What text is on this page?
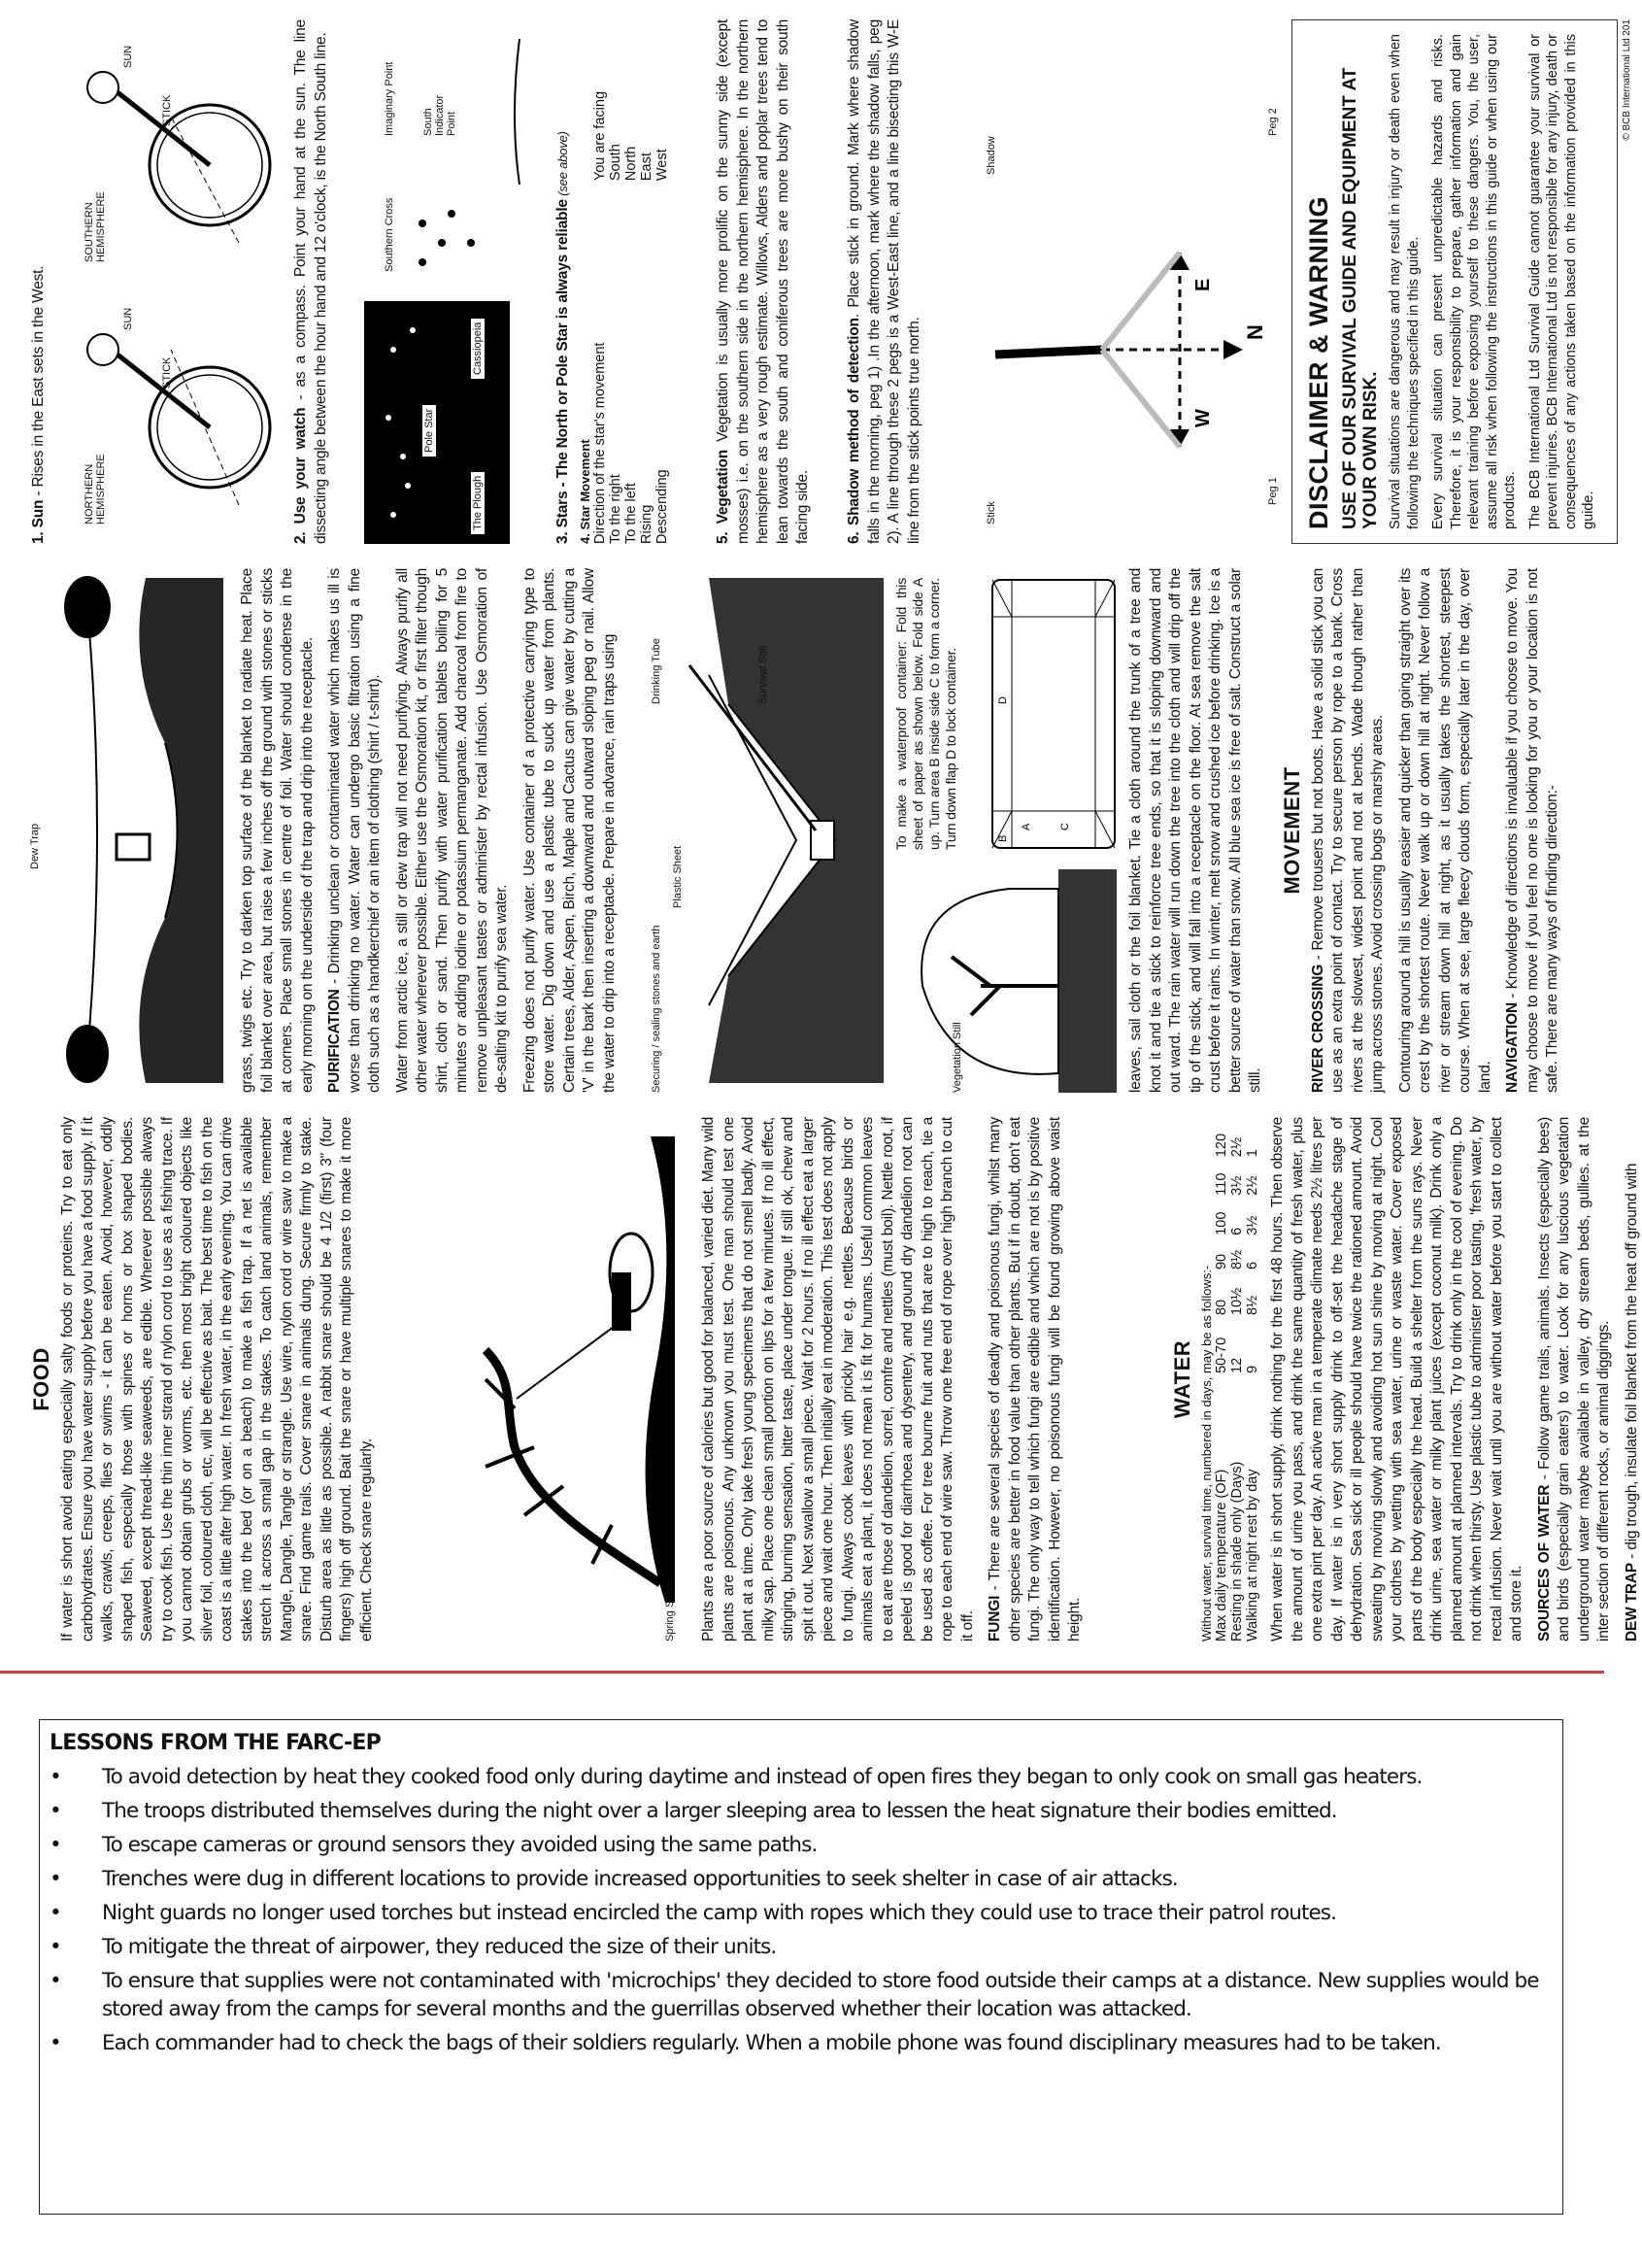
FOOD If water is short avoid eating especially salty foods or proteins. Try to eat only carbohydrates. Ensure you have water supply before you have a food supply. If it walks, crawls, creeps, flies or swims - it can be eaten. Avoid, however, oddly shaped fish, especially those with spines or horns or box shaped bodies. Seaweed, except thread-like seaweeds, are edible. Wherever possible always try to cook fish. Use the thin inner strand of nylon cord to use as a fishing trace. If you cannot obtain grubs or worms, etc. then most bright coloured objects like silver foil, coloured cloth, etc, will be effective as bait. The best time to fish on the coast is a little after high water. In fresh water, in the early evening. You can drive stakes into the bed (or on a beach) to make a fish trap. If a net is available stretch it across a small gap in the stakes. To catch land animals, remember Mangle, Dangle, Tangle or strangle. Use wire, nylon cord or wire saw to make a snare. Find game trails. Cover snare in animals dung. Secure firmly to stake. Disturb area as little as possible. A rabbit snare should be 4 1/2 (first) 3" (four fingers) high off ground. Bait the snare or have multiple snares to make it more efficient. Check snare regularly.	Spring Snare Plants are a poor source of calories but good for balanced, varied diet. Many wild plants are poisonous. Any unknown you must test. One man should test one plant at a time. Only take fresh young specimens that do not smell badly. Avoid milky sap. Place one clean small portion on lips for a few minutes. If no ill effect, stinging, burning sensation, bitter taste, place under tongue. If still ok, chew and spit it out. Next swallow a small piece. Wait for 2 hours. If no ill effect eat a larger piece and wait one hour. Then initially eat in moderation. This test does not apply to fungi. Always cook leaves with prickly hair e.g. nettles. Because birds or animals eat a plant, it does not mean it is fit for humans. Useful common leaves to eat are those of dandelion, sorrel, comfre and nettles (must boil). Nettle root, if peeled is good for diarrhoea and dysentery, and ground dry dandelion root can be used as coffee. For tree bourne fruit and nuts that are to high to reach, tie a rope to each end of wire saw. Throw one free end of rope over high branch to cut it off. FUNGI - There are several species of deadly and poisonous fungi, whilst many other species are better in food value than other plants. But if in doubt, don't eat fungi. The only way to tell which fungi are edible and which are not is by positive identification. However, no poisonous fungi will be found growing above waist height.

WATER Without water, survival time, numbered in days, may be as follows:- Max daily temperature (OF)	50-70	80	90	100	110	120
Resting in shade only (Days)	12	10½	8½	6	3½	2½
Walking at night rest by day	9	8½	6	3½	2½	1 When water is in short supply, drink nothing for the first 48 hours. Then observe the amount of urine you pass, and drink the same quantity of fresh water, plus one extra pint per day. An active man in a temperate climate needs 2½ litres per day. If water is in very short supply drink to off-set the headache stage of dehydration. Sea sick or ill people should have twice the rationed amount. Avoid sweating by moving slowly and avoiding hot sun shine by moving at night. Cool your clothes by wetting with sea water, urine or waste water. Cover exposed parts of the body especially the head. Build a shelter from the suns rays. Never drink urine, sea water or milky plant juices (except coconut milk). Drink only a planned amount at planned intervals. Try to drink only in the cool of evening. Do not drink when thirsty. Use plastic tube to administer poor tasting, 'fresh water, by rectal infusion. Never wait until you are without water before you start to collect and store it. SOURCES OF WATER - Follow game trails, animals. Insects (especially bees) and birds (especially grain eaters) to water. Look for any luscious vegetation underground water maybe available in valley, dry stream beds, gullies. at the inter section of different rocks, or animal diggings. DEW TRAP - dig trough, insulate foil blanket from the heat off ground with

Dew Trap	grass, twigs etc. Try to darken top surface of the blanket to radiate heat. Place foil blanket over area, but raise a few inches off the ground with stones or sticks at corners. Place small stones in centre of foil. Water should condense in the early morning on the underside of the trap and drip into the receptacle. PURIFICATION - Drinking unclean or contaminated water which makes us ill is worse than drinking no water. Water can undergo basic filtration using a fine cloth such as a handkerchief or an item of clothing (shirt / t-shirt). Water from arctic ice, a still or dew trap will not need purifying. Always purify all other water wherever possible. Either use the Osmoration kit, or first filter though shirt, cloth or sand. Then purify with water purification tablets boiling for 5 minutes or adding iodine or potassium permanganate. Add charcoal from fire to remove unpleasant tastes or administer by rectal infusion. Use Osmoration of de-salting kit to purify sea water. Freezing does not purify water. Use container of a protective carrying type to store water. Dig down and use a plastic tube to suck up water from plants. Certain trees, Alder, Aspen, Birch, Maple and Cactus can give water by cutting a 'V' in the bark then inserting a downward and outward sloping peg or nail. Allow the water to drip into a receptacle. Prepare in advance, rain traps using	Securing / sealing stones and earth
Plastic Sheet
Drinking Tube	Survival Still
Vegetation Still

To make a waterproof container: Fold this sheet of paper as shown below. Fold side A up. Turn area B inside side C to form a corner. Turn down flap D to lock container.	A
B
C
D	leaves, sail cloth or the foil blanket. Tie a cloth around the trunk of a tree and knot it and tie a stick to reinforce tree ends, so that it is sloping downward and out ward. The rain water will run down the tree into the cloth and will drip off the tip of the stick, and will fall into a receptacle on the floor. At sea remove the salt crust before it rains. In winter, melt snow and crushed ice before drinking. Ice is a better source of water than snow. All blue sea ice is free of salt. Construct a solar still.

MOVEMENT

RIVER CROSSING - Remove trousers but not boots. Have a solid stick you can use as an extra point of contact. Try to secure person by rope to a bank. Cross rivers at the slowest, widest point and not at bends. Wade though rather than jump across stones. Avoid crossing bogs or marshy areas. Contouring around a hill is usually easier and quicker than going straight over its crest by the shortest route. Never walk up or down hill at night. Never follow a river or stream down hill at night, as it usually takes the shortest, steepest course. When at see, large fleecy clouds form, especially later in the day, over land. NAVIGATION - Knowledge of directions is invaluable if you choose to move. You may choose to move if you feel no one is looking for you or your location is not safe. There are many ways of finding direction:-

1. Sun - Rises in the East sets in the West.	NORTHERN HEMISPHERE
SOUTHERN HEMISPHERE
STICK
STICK
SUN
SUN

2. Use your watch - as a compass. Point your hand at the sun. The line dissecting angle between the hour hand and 12 o'clock, is the North South line.	The Plough
Pole Star
Cassiopeia
Southern Cross
Imaginary Point	South Indicator Point

3. Stars - The North or Pole Star is always reliable (see above)

4. Star Movement Direction of the star's movement	You are facing
To the right	South
To the left	North
Rising	East
Descending	West

5. Vegetation Vegetation is usually more prolific on the sunny side (except mosses) i.e. on the southern side in the northern hemisphere. In the northern hemisphere as a very rough estimate. Willows, Alders and poplar trees tend to lean towards the south and coniferous trees are more bushy on their south facing side. 6. Shadow method of detection. Place stick in ground. Mark where shadow falls in the morning, peg 1) .In the afternoon, mark where the shadow falls, peg 2). A line through these 2 pegs is a West-East line, and a line bisecting this W-E line from the stick points true north.	Stick
Shadow
Peg 1
Peg 2
N
W
E	DISCLAIMER & WARNING USE OF OUR SURVIVAL GUIDE AND EQUIPMENT AT YOUR OWN RISK. Survival situations are dangerous and may result in injury or death even when following the techniques specified in this guide. Every survival situation can present unpredictable hazards and risks. Therefore, it is your responsibility to prepare, gather information and gain relevant training before exposing yourself to these dangers. You, the user, assume all risk when following the instructions in this guide or when using our products. The BCB International Ltd Survival Guide cannot guarantee your survival or prevent injuries. BCB International Ltd is not responsible for any injury, death or consequences of any actions taken based on the information provided in this guide.

© BCB International Ltd 201
LESSONS FROM THE FARC-EP
•	To avoid detection by heat they cooked food only during daytime and instead of open fires they began to only cook on small gas heaters.
•	The troops distributed themselves during the night over a larger sleeping area to lessen the heat signature their bodies emitted.
•	To escape cameras or ground sensors they avoided using the same paths.
•	Trenches were dug in different locations to provide increased opportunities to seek shelter in case of air attacks.
•	Night guards no longer used torches but instead encircled the camp with ropes which they could use to trace their patrol routes.
•	To mitigate the threat of airpower, they reduced the size of their units.
•	To ensure that supplies were not contaminated with 'microchips' they decided to store food outside their camps at a distance. New supplies would be stored away from the camps for several months and the guerrillas observed whether their location was attacked.
•	Each commander had to check the bags of their soldiers regularly. When a mobile phone was found disciplinary measures had to be taken.
